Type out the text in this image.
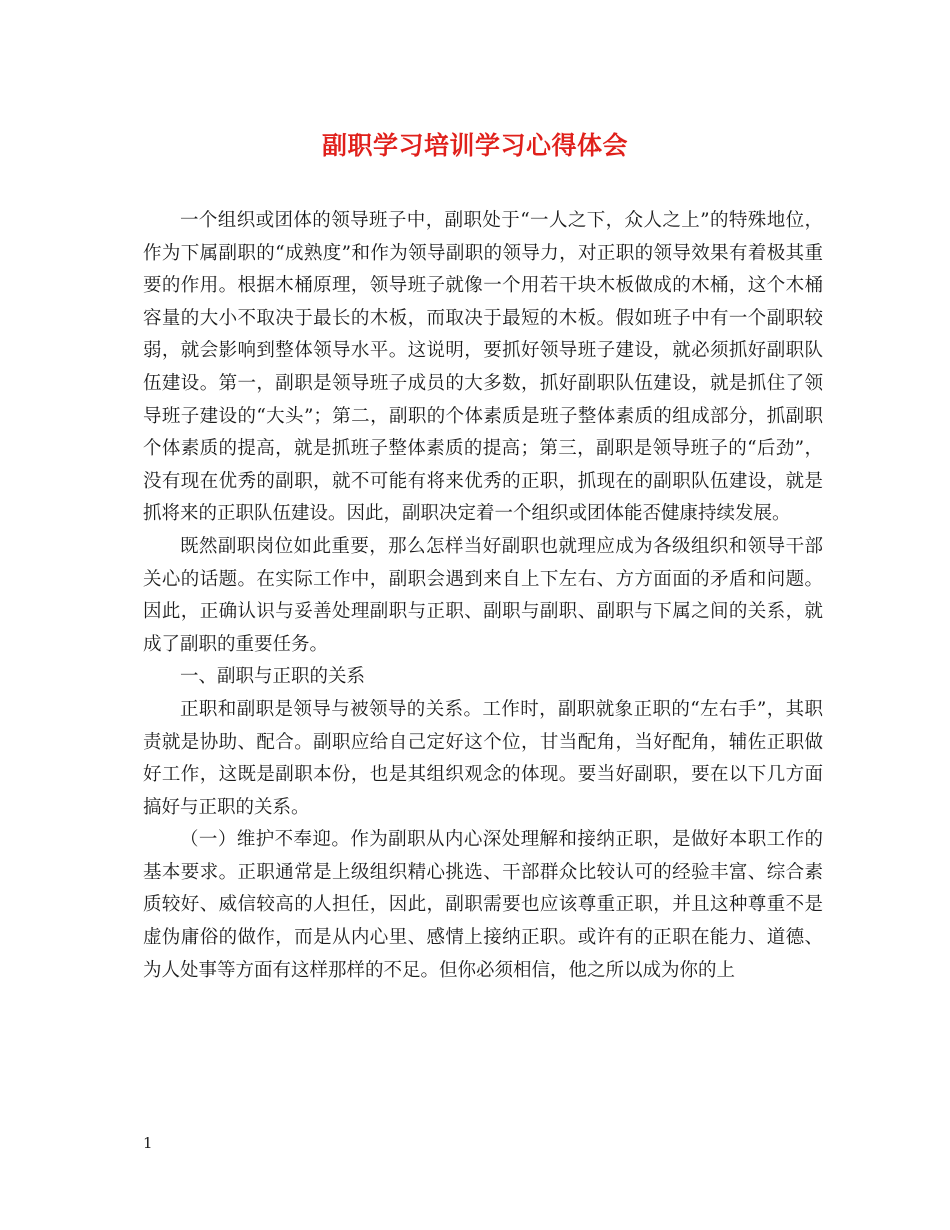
副职学习培训学习心得体会

一个组织或团体的领导班子中，副职处于“一人之下，众人之上”的特殊地位，作为下属副职的“成熟度”和作为领导副职的领导力，对正职的领导效果有着极其重要的作用。根据木桶原理，领导班子就像一个用若干块木板做成的木桶，这个木桶容量的大小不取决于最长的木板，而取决于最短的木板。假如班子中有一个副职较弱，就会影响到整体领导水平。这说明，要抓好领导班子建设，就必须抓好副职队伍建设。第一，副职是领导班子成员的大多数，抓好副职队伍建设，就是抓住了领导班子建设的“大头”；第二，副职的个体素质是班子整体素质的组成部分，抓副职个体素质的提高，就是抓班子整体素质的提高；第三，副职是领导班子的“后劲”，没有现在优秀的副职，就不可能有将来优秀的正职，抓现在的副职队伍建设，就是抓将来的正职队伍建设。因此，副职决定着一个组织或团体能否健康持续发展。

既然副职岗位如此重要，那么怎样当好副职也就理应成为各级组织和领导干部关心的话题。在实际工作中，副职会遇到来自上下左右、方方面面的矛盾和问题。因此，正确认识与妥善处理副职与正职、副职与副职、副职与下属之间的关系，就成了副职的重要任务。

一、副职与正职的关系

正职和副职是领导与被领导的关系。工作时，副职就象正职的“左右手”，其职责就是协助、配合。副职应给自己定好这个位，甘当配角，当好配角，辅佐正职做好工作，这既是副职本份，也是其组织观念的体现。要当好副职，要在以下几方面搞好与正职的关系。

（一）维护不奉迎。作为副职从内心深处理解和接纳正职，是做好本职工作的基本要求。正职通常是上级组织精心挑选、干部群众比较认可的经验丰富、综合素质较好、威信较高的人担任，因此，副职需要也应该尊重正职，并且这种尊重不是虚伪庸俗的做作，而是从内心里、感情上接纳正职。或许有的正职在能力、道德、为人处事等方面有这样那样的不足。但你必须相信，他之所以成为你的上

1
